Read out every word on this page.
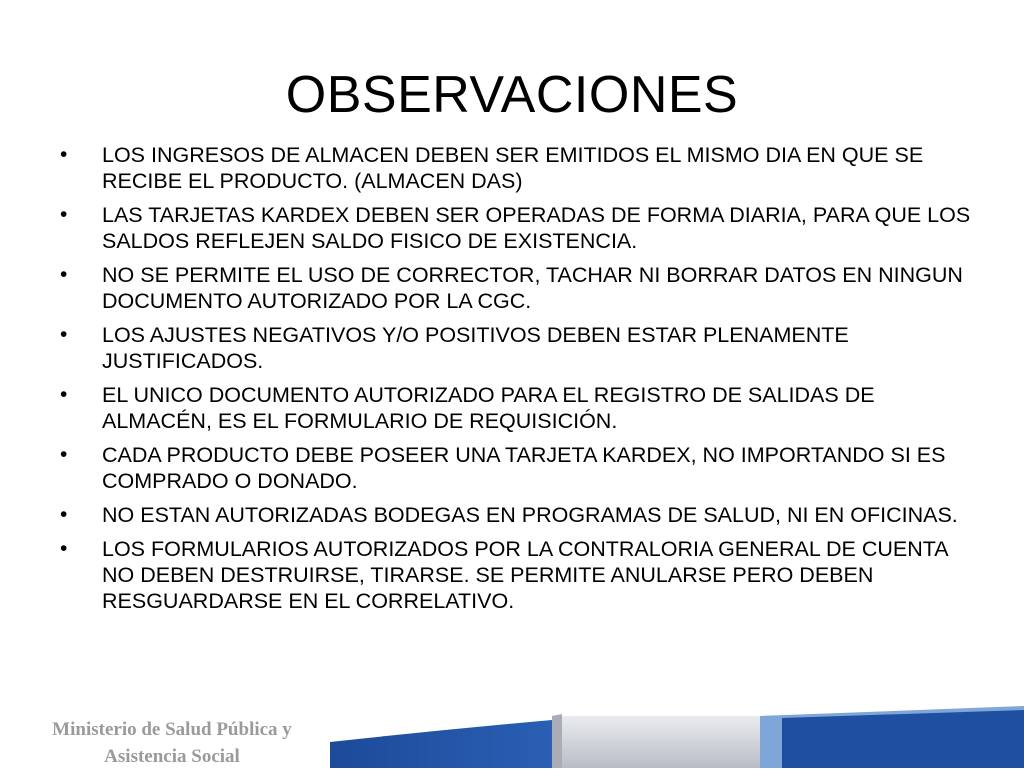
OBSERVACIONES
• LOS INGRESOS DE ALMACEN DEBEN SER EMITIDOS EL MISMO DIA EN QUE SE RECIBE EL PRODUCTO. (ALMACEN DAS)
• LAS TARJETAS KARDEX DEBEN SER OPERADAS DE FORMA DIARIA, PARA QUE LOS SALDOS REFLEJEN SALDO FISICO DE EXISTENCIA.
• NO SE PERMITE EL USO DE CORRECTOR, TACHAR NI BORRAR DATOS EN NINGUN DOCUMENTO AUTORIZADO POR LA CGC.
• LOS AJUSTES NEGATIVOS Y/O POSITIVOS DEBEN ESTAR PLENAMENTE JUSTIFICADOS.
• EL UNICO DOCUMENTO AUTORIZADO PARA EL REGISTRO DE SALIDAS DE ALMACÉN, ES EL FORMULARIO DE REQUISICIÓN.
• CADA PRODUCTO DEBE POSEER UNA TARJETA KARDEX, NO IMPORTANDO SI ES COMPRADO O DONADO.
• NO ESTAN AUTORIZADAS BODEGAS EN PROGRAMAS DE SALUD, NI EN OFICINAS.
• LOS FORMULARIOS AUTORIZADOS POR LA CONTRALORIA GENERAL DE CUENTA NO DEBEN DESTRUIRSE, TIRARSE. SE PERMITE ANULARSE PERO DEBEN RESGUARDARSE EN EL CORRELATIVO.
Ministerio de Salud Pública y
Asistencia Social
